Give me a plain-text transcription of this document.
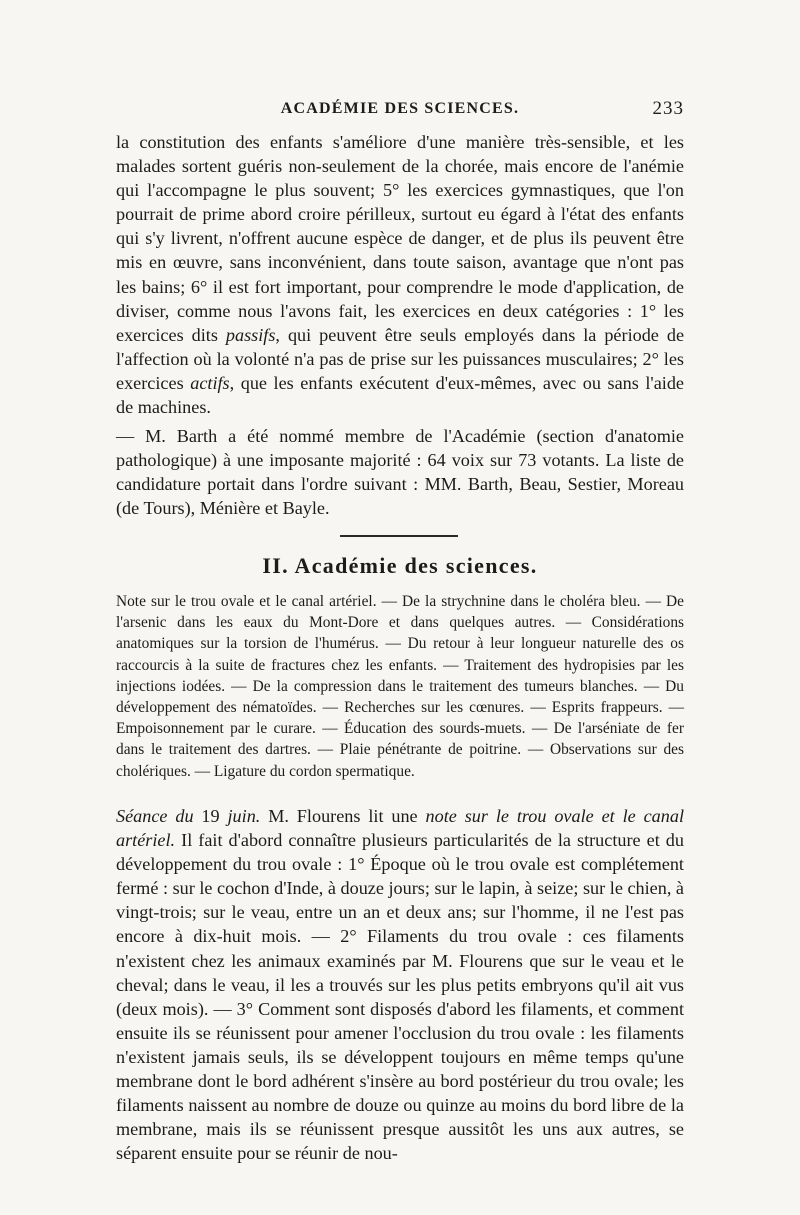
ACADÉMIE DES SCIENCES.	233

la constitution des enfants s'améliore d'une manière très-sensible, et les malades sortent guéris non-seulement de la chorée, mais encore de l'anémie qui l'accompagne le plus souvent; 5° les exercices gymnastiques, que l'on pourrait de prime abord croire périlleux, surtout eu égard à l'état des enfants qui s'y livrent, n'offrent aucune espèce de danger, et de plus ils peuvent être mis en œuvre, sans inconvénient, dans toute saison, avantage que n'ont pas les bains; 6° il est fort important, pour comprendre le mode d'application, de diviser, comme nous l'avons fait, les exercices en deux catégories : 1° les exercices dits passifs, qui peuvent être seuls employés dans la période de l'affection où la volonté n'a pas de prise sur les puissances musculaires; 2° les exercices actifs, que les enfants exécutent d'eux-mêmes, avec ou sans l'aide de machines.

— M. Barth a été nommé membre de l'Académie (section d'anatomie pathologique) à une imposante majorité : 64 voix sur 73 votants. La liste de candidature portait dans l'ordre suivant : MM. Barth, Beau, Sestier, Moreau (de Tours), Ménière et Bayle.

II. Académie des sciences.

Note sur le trou ovale et le canal artériel. — De la strychnine dans le choléra bleu. — De l'arsenic dans les eaux du Mont-Dore et dans quelques autres. — Considérations anatomiques sur la torsion de l'humérus. — Du retour à leur longueur naturelle des os raccourcis à la suite de fractures chez les enfants. — Traitement des hydropisies par les injections iodées. — De la compression dans le traitement des tumeurs blanches. — Du développement des nématoïdes. — Recherches sur les cœnures. — Esprits frappeurs. — Empoisonnement par le curare. — Éducation des sourds-muets. — De l'arséniate de fer dans le traitement des dartres. — Plaie pénétrante de poitrine. — Observations sur des cholériques. — Ligature du cordon spermatique.

Séance du 19 juin. M. Flourens lit une note sur le trou ovale et le canal artériel. Il fait d'abord connaître plusieurs particularités de la structure et du développement du trou ovale : 1° Époque où le trou ovale est complétement fermé : sur le cochon d'Inde, à douze jours; sur le lapin, à seize; sur le chien, à vingt-trois; sur le veau, entre un an et deux ans; sur l'homme, il ne l'est pas encore à dix-huit mois. — 2° Filaments du trou ovale : ces filaments n'existent chez les animaux examinés par M. Flourens que sur le veau et le cheval; dans le veau, il les a trouvés sur les plus petits embryons qu'il ait vus (deux mois). — 3° Comment sont disposés d'abord les filaments, et comment ensuite ils se réunissent pour amener l'occlusion du trou ovale : les filaments n'existent jamais seuls, ils se développent toujours en même temps qu'une membrane dont le bord adhérent s'insère au bord postérieur du trou ovale; les filaments naissent au nombre de douze ou quinze au moins du bord libre de la membrane, mais ils se réunissent presque aussitôt les uns aux autres, se séparent ensuite pour se réunir de nou-
